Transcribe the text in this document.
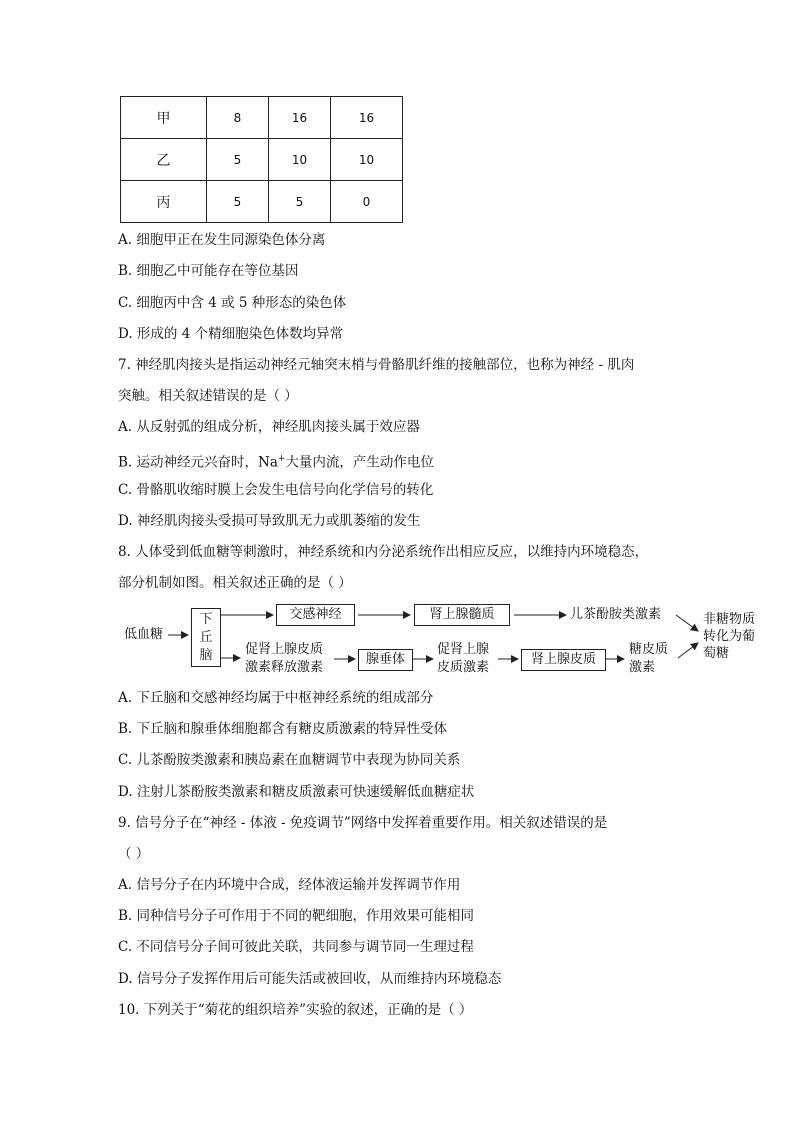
甲	8	16	16
乙	5	10	10
丙	5	5	0
A. 细胞甲正在发生同源染色体分离
B. 细胞乙中可能存在等位基因
C. 细胞丙中含 4 或 5 种形态的染色体
D. 形成的 4 个精细胞染色体数均异常
7. 神经肌肉接头是指运动神经元轴突末梢与骨骼肌纤维的接触部位，也称为神经 - 肌肉
突触。相关叙述错误的是（ ）
A. 从反射弧的组成分析，神经肌肉接头属于效应器
B. 运动神经元兴奋时，Na+大量内流，产生动作电位
C. 骨骼肌收缩时膜上会发生电信号向化学信号的转化
D. 神经肌肉接头受损可导致肌无力或肌萎缩的发生
8. 人体受到低血糖等刺激时，神经系统和内分泌系统作出相应反应，以维持内环境稳态，
部分机制如图。相关叙述正确的是（ ）
低血糖
下
丘
脑
交感神经	肾上腺髓质	儿茶酚胺类激素
促肾上腺皮质
激素释放激素
腺垂体
促肾上腺
皮质激素
肾上腺皮质
糖皮质
激素
非糖物质
转化为葡
萄糖
A. 下丘脑和交感神经均属于中枢神经系统的组成部分
B. 下丘脑和腺垂体细胞都含有糖皮质激素的特异性受体
C. 儿茶酚胺类激素和胰岛素在血糖调节中表现为协同关系
D. 注射儿茶酚胺类激素和糖皮质激素可快速缓解低血糖症状
9. 信号分子在“神经 - 体液 - 免疫调节”网络中发挥着重要作用。相关叙述错误的是
（ ）
A. 信号分子在内环境中合成，经体液运输并发挥调节作用
B. 同种信号分子可作用于不同的靶细胞，作用效果可能相同
C. 不同信号分子间可彼此关联，共同参与调节同一生理过程
D. 信号分子发挥作用后可能失活或被回收，从而维持内环境稳态
10. 下列关于“菊花的组织培养”实验的叙述，正确的是（ ）
